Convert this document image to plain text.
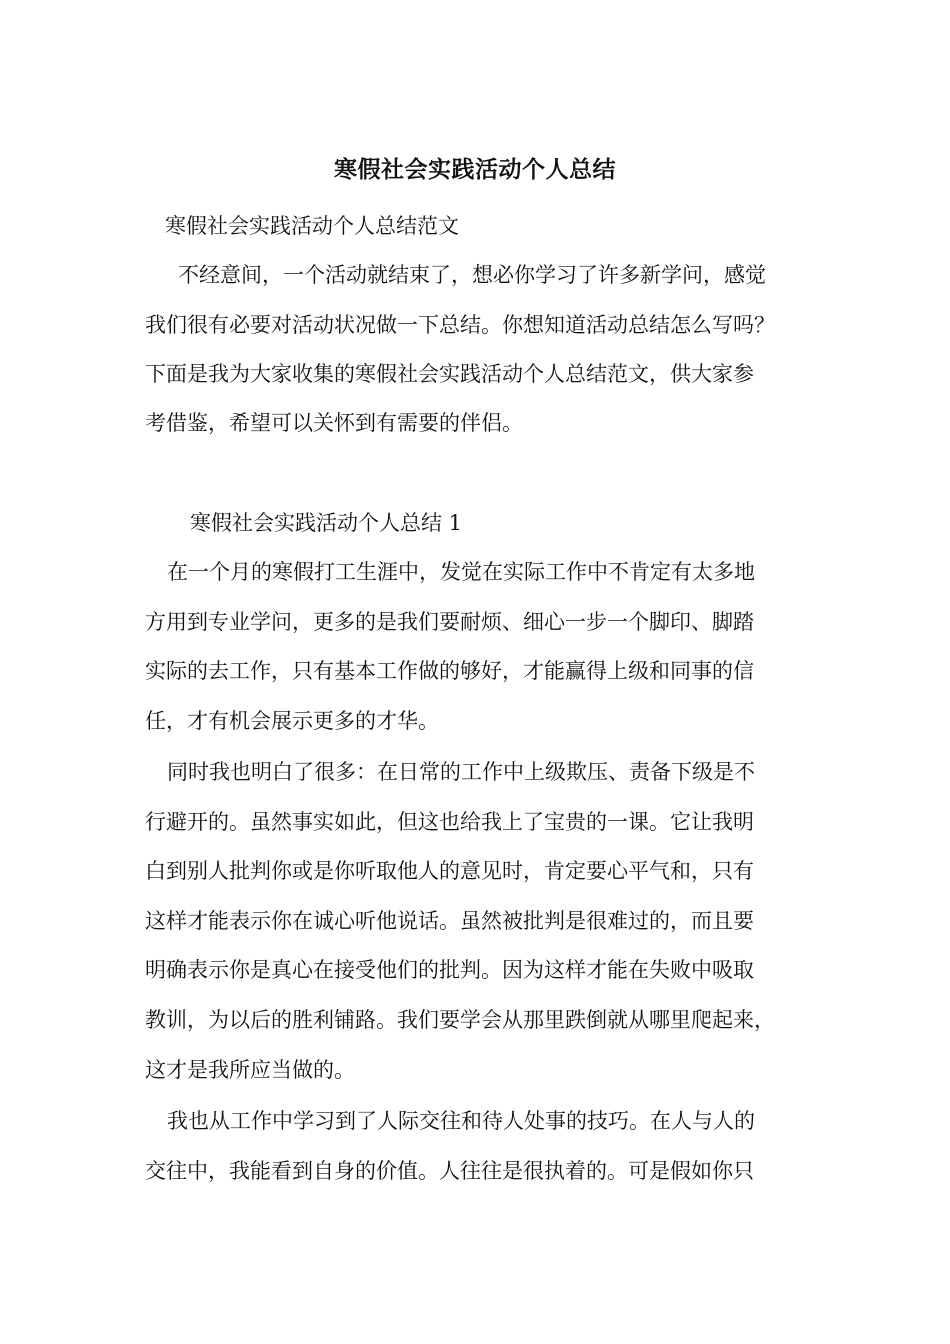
寒假社会实践活动个人总结
寒假社会实践活动个人总结范文
不经意间，一个活动就结束了，想必你学习了许多新学问，感觉
我们很有必要对活动状况做一下总结。你想知道活动总结怎么写吗？
下面是我为大家收集的寒假社会实践活动个人总结范文，供大家参
考借鉴，希望可以关怀到有需要的伴侣。
寒假社会实践活动个人总结 1
在一个月的寒假打工生涯中，发觉在实际工作中不肯定有太多地
方用到专业学问，更多的是我们要耐烦、细心一步一个脚印、脚踏
实际的去工作，只有基本工作做的够好，才能赢得上级和同事的信
任，才有机会展示更多的才华。
同时我也明白了很多：在日常的工作中上级欺压、责备下级是不
行避开的。虽然事实如此，但这也给我上了宝贵的一课。它让我明
白到别人批判你或是你听取他人的意见时，肯定要心平气和，只有
这样才能表示你在诚心听他说话。虽然被批判是很难过的，而且要
明确表示你是真心在接受他们的批判。因为这样才能在失败中吸取
教训，为以后的胜利铺路。我们要学会从那里跌倒就从哪里爬起来，
这才是我所应当做的。
我也从工作中学习到了人际交往和待人处事的技巧。在人与人的
交往中，我能看到自身的价值。人往往是很执着的。可是假如你只
